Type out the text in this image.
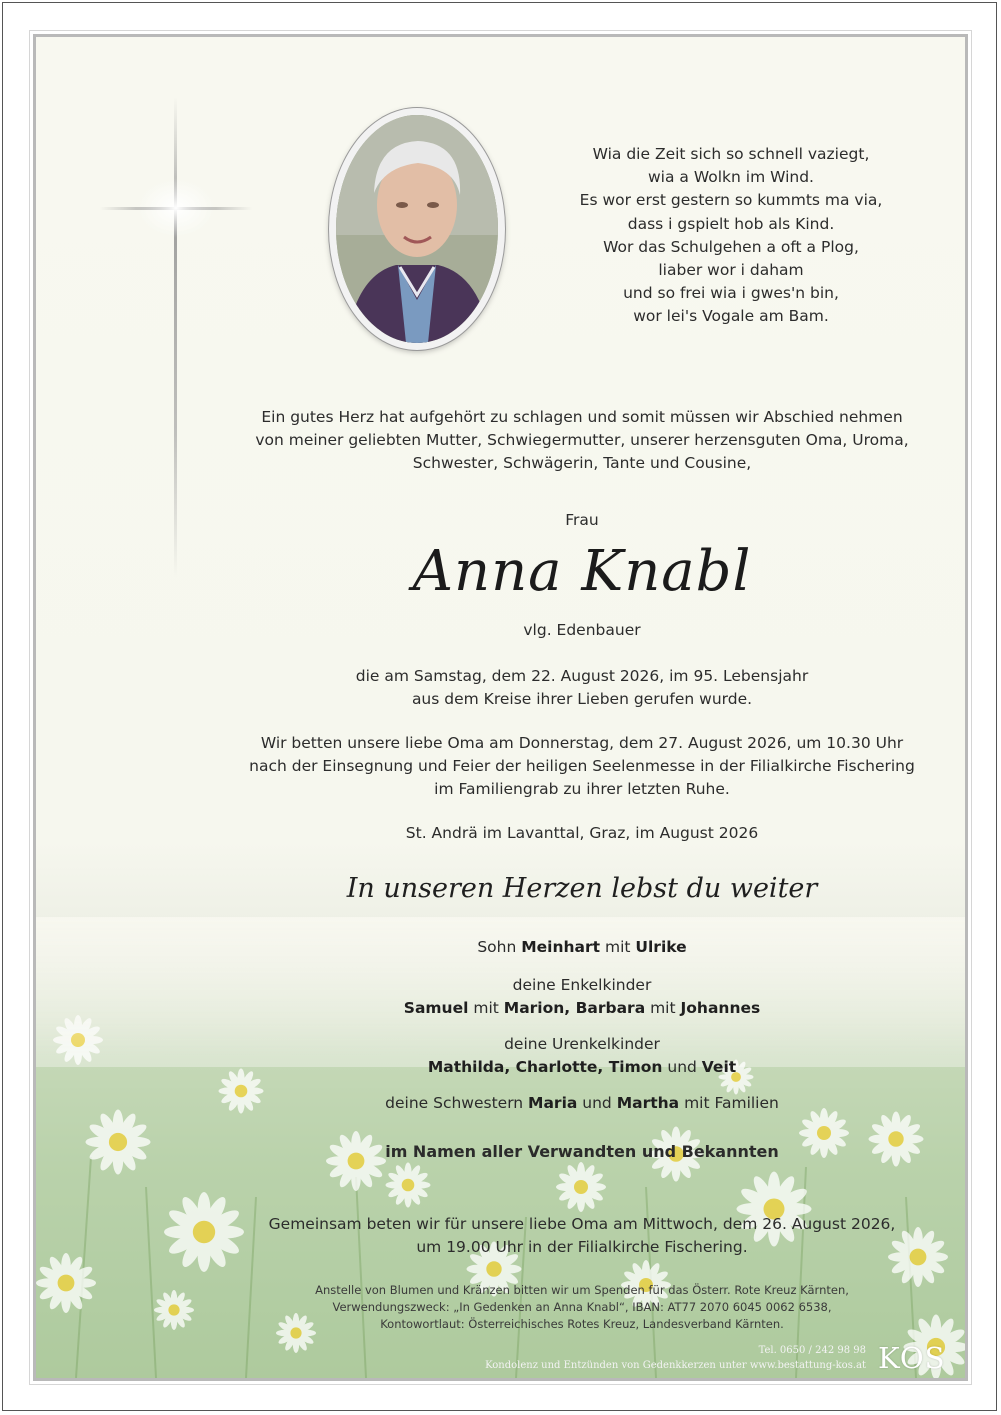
Wia die Zeit sich so schnell vaziegt,
wia a Wolkn im Wind.
Es wor erst gestern so kummts ma via,
dass i gspielt hob als Kind.
Wor das Schulgehen a oft a Plog,
liaber wor i daham
und so frei wia i gwes'n bin,
wor lei's Vogale am Bam.
Ein gutes Herz hat aufgehört zu schlagen und somit müssen wir Abschied nehmen
von meiner geliebten Mutter, Schwiegermutter, unserer herzensguten Oma, Uroma,
Schwester, Schwägerin, Tante und Cousine,
Frau
Anna Knabl
vlg. Edenbauer
die am Samstag, dem 22. August 2026, im 95. Lebensjahr
aus dem Kreise ihrer Lieben gerufen wurde.
Wir betten unsere liebe Oma am Donnerstag, dem 27. August 2026, um 10.30 Uhr
nach der Einsegnung und Feier der heiligen Seelenmesse in der Filialkirche Fischering
im Familiengrab zu ihrer letzten Ruhe.
St. Andrä im Lavanttal, Graz, im August 2026
In unseren Herzen lebst du weiter
Sohn Meinhart mit Ulrike
deine Enkelkinder
Samuel mit Marion, Barbara mit Johannes
deine Urenkelkinder
Mathilda, Charlotte, Timon und Veit
deine Schwestern Maria und Martha mit Familien
im Namen aller Verwandten und Bekannten
Gemeinsam beten wir für unsere liebe Oma am Mittwoch, dem 26. August 2026,
um 19.00 Uhr in der Filialkirche Fischering.
Anstelle von Blumen und Kränzen bitten wir um Spenden für das Österr. Rote Kreuz Kärnten,
Verwendungszweck: „In Gedenken an Anna Knabl“, IBAN: AT77 2070 6045 0062 6538,
Kontowortlaut: Österreichisches Rotes Kreuz, Landesverband Kärnten.
Tel. 0650 / 242 98 98
Kondolenz und Entzünden von Gedenkkerzen unter www.bestattung-kos.at KOS
